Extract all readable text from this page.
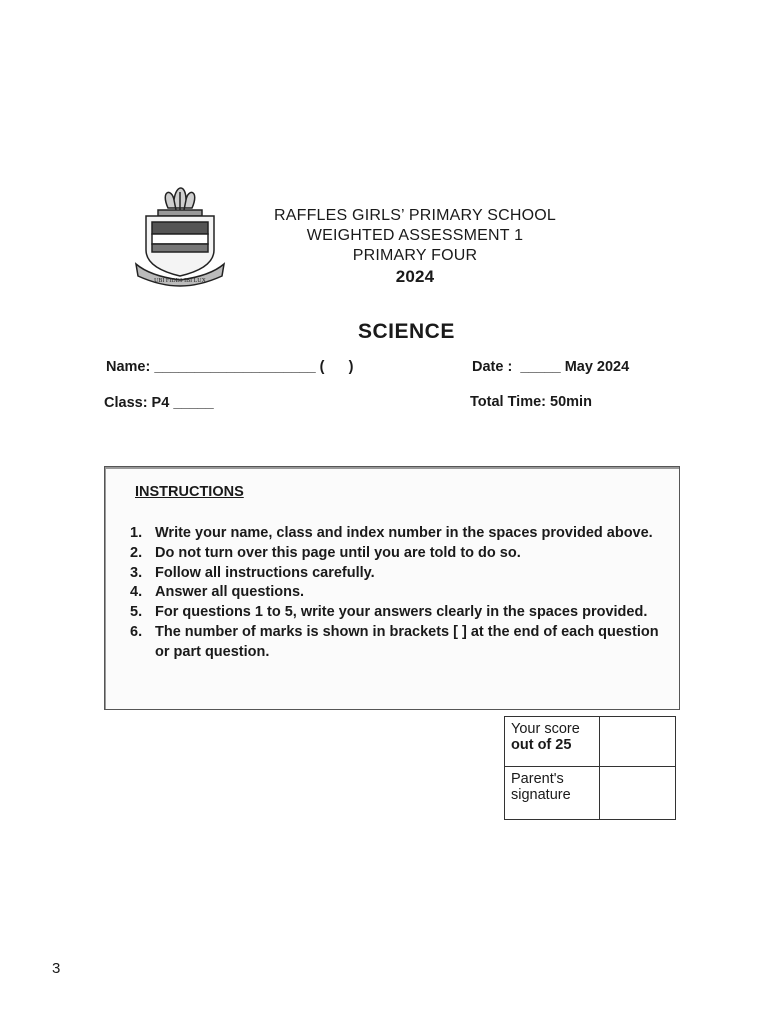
UBI FIDES IBI LUX
RAFFLES GIRLS’ PRIMARY SCHOOL
WEIGHTED ASSESSMENT 1
PRIMARY FOUR
2024
SCIENCE
Name: ____________________ (      )	Date :  _____ May 2024
Class: P4 _____	Total Time: 50min
INSTRUCTIONS
1. Write your name, class and index number in the spaces provided above.
2. Do not turn over this page until you are told to do so.
3. Follow all instructions carefully.
4. Answer all questions.
5. For questions 1 to 5, write your answers clearly in the spaces provided.
6. The number of marks is shown in brackets [ ] at the end of each question or part question.
Your score
out of 25	

Parent's
signature	

3
